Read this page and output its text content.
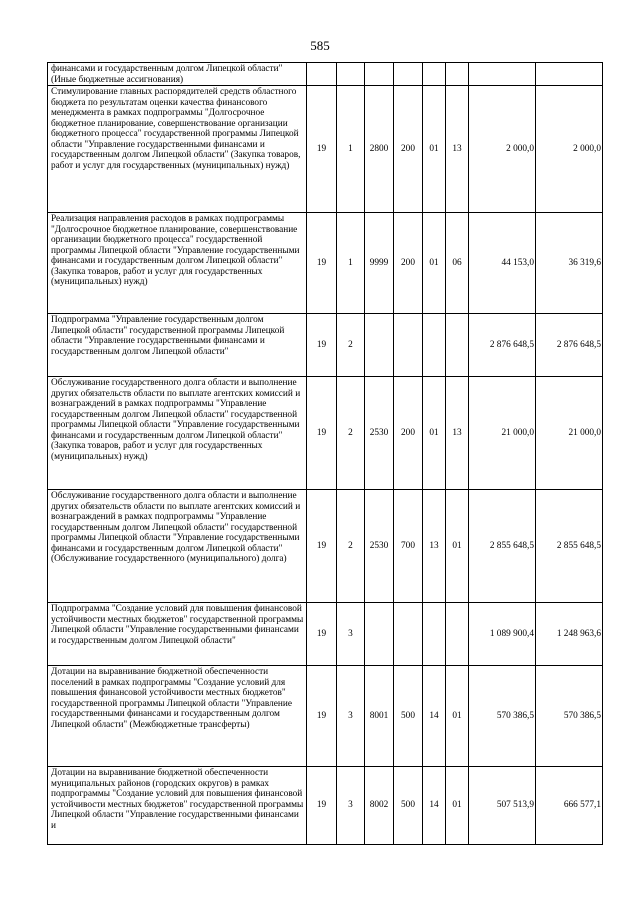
585
финансами и государственным долгом Липецкой области" (Иные бюджетные ассигнования)								
Стимулирование главных распорядителей средств областного бюджета по результатам оценки качества финансового менеджмента в рамках подпрограммы "Долгосрочное бюджетное планирование, совершенствование организации бюджетного процесса" государственной программы Липецкой области "Управление государственными финансами и государственным долгом Липецкой области" (Закупка товаров, работ и услуг для государственных (муниципальных) нужд)	19	1	2800	200	01	13	2 000,0	2 000,0
Реализация направления расходов в рамках подпрограммы "Долгосрочное бюджетное планирование, совершенствование организации бюджетного процесса" государственной программы Липецкой области "Управление государственными финансами и государственным долгом Липецкой области" (Закупка товаров, работ и услуг для государственных (муниципальных) нужд)	19	1	9999	200	01	06	44 153,0	36 319,6
Подпрограмма "Управление государственным долгом Липецкой области" государственной программы Липецкой области "Управление государственными финансами и государственным долгом Липецкой области"	19	2					2 876 648,5	2 876 648,5
Обслуживание государственного долга области и выполнение других обязательств области по выплате агентских комиссий и вознаграждений в рамках подпрограммы "Управление государственным долгом Липецкой области" государственной программы Липецкой области "Управление государственными финансами и государственным долгом Липецкой области" (Закупка товаров, работ и услуг для государственных (муниципальных) нужд)	19	2	2530	200	01	13	21 000,0	21 000,0
Обслуживание государственного долга области и выполнение других обязательств области по выплате агентских комиссий и вознаграждений в рамках подпрограммы "Управление государственным долгом Липецкой области" государственной программы Липецкой области "Управление государственными финансами и государственным долгом Липецкой области" (Обслуживание государственного (муниципального) долга)	19	2	2530	700	13	01	2 855 648,5	2 855 648,5
Подпрограмма "Создание условий для повышения финансовой устойчивости местных бюджетов" государственной программы Липецкой области "Управление государственными финансами и государственным долгом Липецкой области"	19	3					1 089 900,4	1 248 963,6
Дотации на выравнивание бюджетной обеспеченности поселений в рамках подпрограммы "Создание условий для повышения финансовой устойчивости местных бюджетов" государственной программы Липецкой области "Управление государственными финансами и государственным долгом Липецкой области" (Межбюджетные трансферты)	19	3	8001	500	14	01	570 386,5	570 386,5
Дотации на выравнивание бюджетной обеспеченности муниципальных районов (городских округов) в рамках подпрограммы "Создание условий для повышения финансовой устойчивости местных бюджетов" государственной программы Липецкой области "Управление государственными финансами и	19	3	8002	500	14	01	507 513,9	666 577,1
